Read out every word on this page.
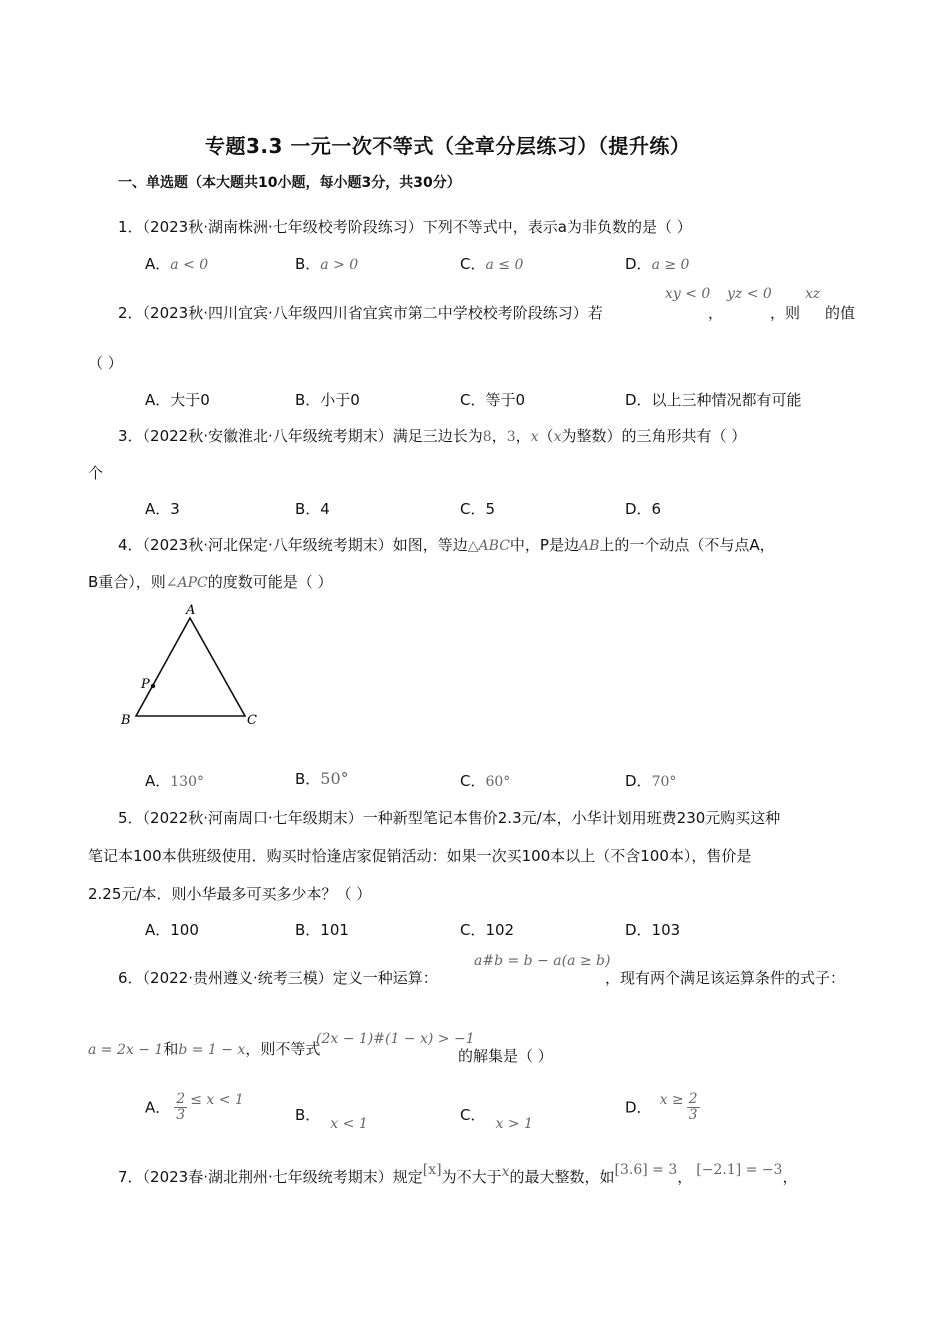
专题3.3 一元一次不等式（全章分层练习）（提升练）
一、单选题（本大题共10小题，每小题3分，共30分）
1．（2023秋·湖南株洲·七年级校考阶段练习）下列不等式中，表示a为非负数的是（ ）
A．a < 0	B．a > 0	C．a ≤ 0	D．a ≥ 0
2．（2023秋·四川宜宾·八年级四川省宜宾市第二中学校校考阶段练习）若
xy < 0
，
yz < 0
，则
xz
的值
（ ）
A．大于0	B．小于0	C．等于0	D．以上三种情况都有可能
3．（2022秋·安徽淮北·八年级统考期末）满足三边长为8，3，x（x为整数）的三角形共有（ ）
个
A．3	B．4	C．5	D．6
4．（2023秋·河北保定·八年级统考期末）如图，等边△ABC中，P是边AB上的一个动点（不与点A，
B重合），则∠APC的度数可能是（ ）
A
B	C
P
A．130°	B．50°	C．60°	D．70°
5．（2022秋·河南周口·七年级期末）一种新型笔记本售价2.3元/本，小华计划用班费230元购买这种
笔记本100本供班级使用．购买时恰逢店家促销活动：如果一次买100本以上（不含100本），售价是
2.25元/本．则小华最多可买多少本？（ ）
A．100	B．101	C．102	D．103
6．（2022·贵州遵义·统考三模）定义一种运算：
a#b = b − a(a ≥ b)
，现有两个满足该运算条件的式子：
a = 2x − 1和b = 1 − x，则不等式
(2x − 1)#(1 − x) > −1
的解集是（ ）
A． $\frac{2}{3} \le x < 1$
B． x < 1	C． x > 1
D． $x \ge \frac{2}{3}$
7．（2023春·湖北荆州·七年级统考期末）规定[x]为不大于x的最大整数，如[3.6] = 3， [−2.1] = −3，
